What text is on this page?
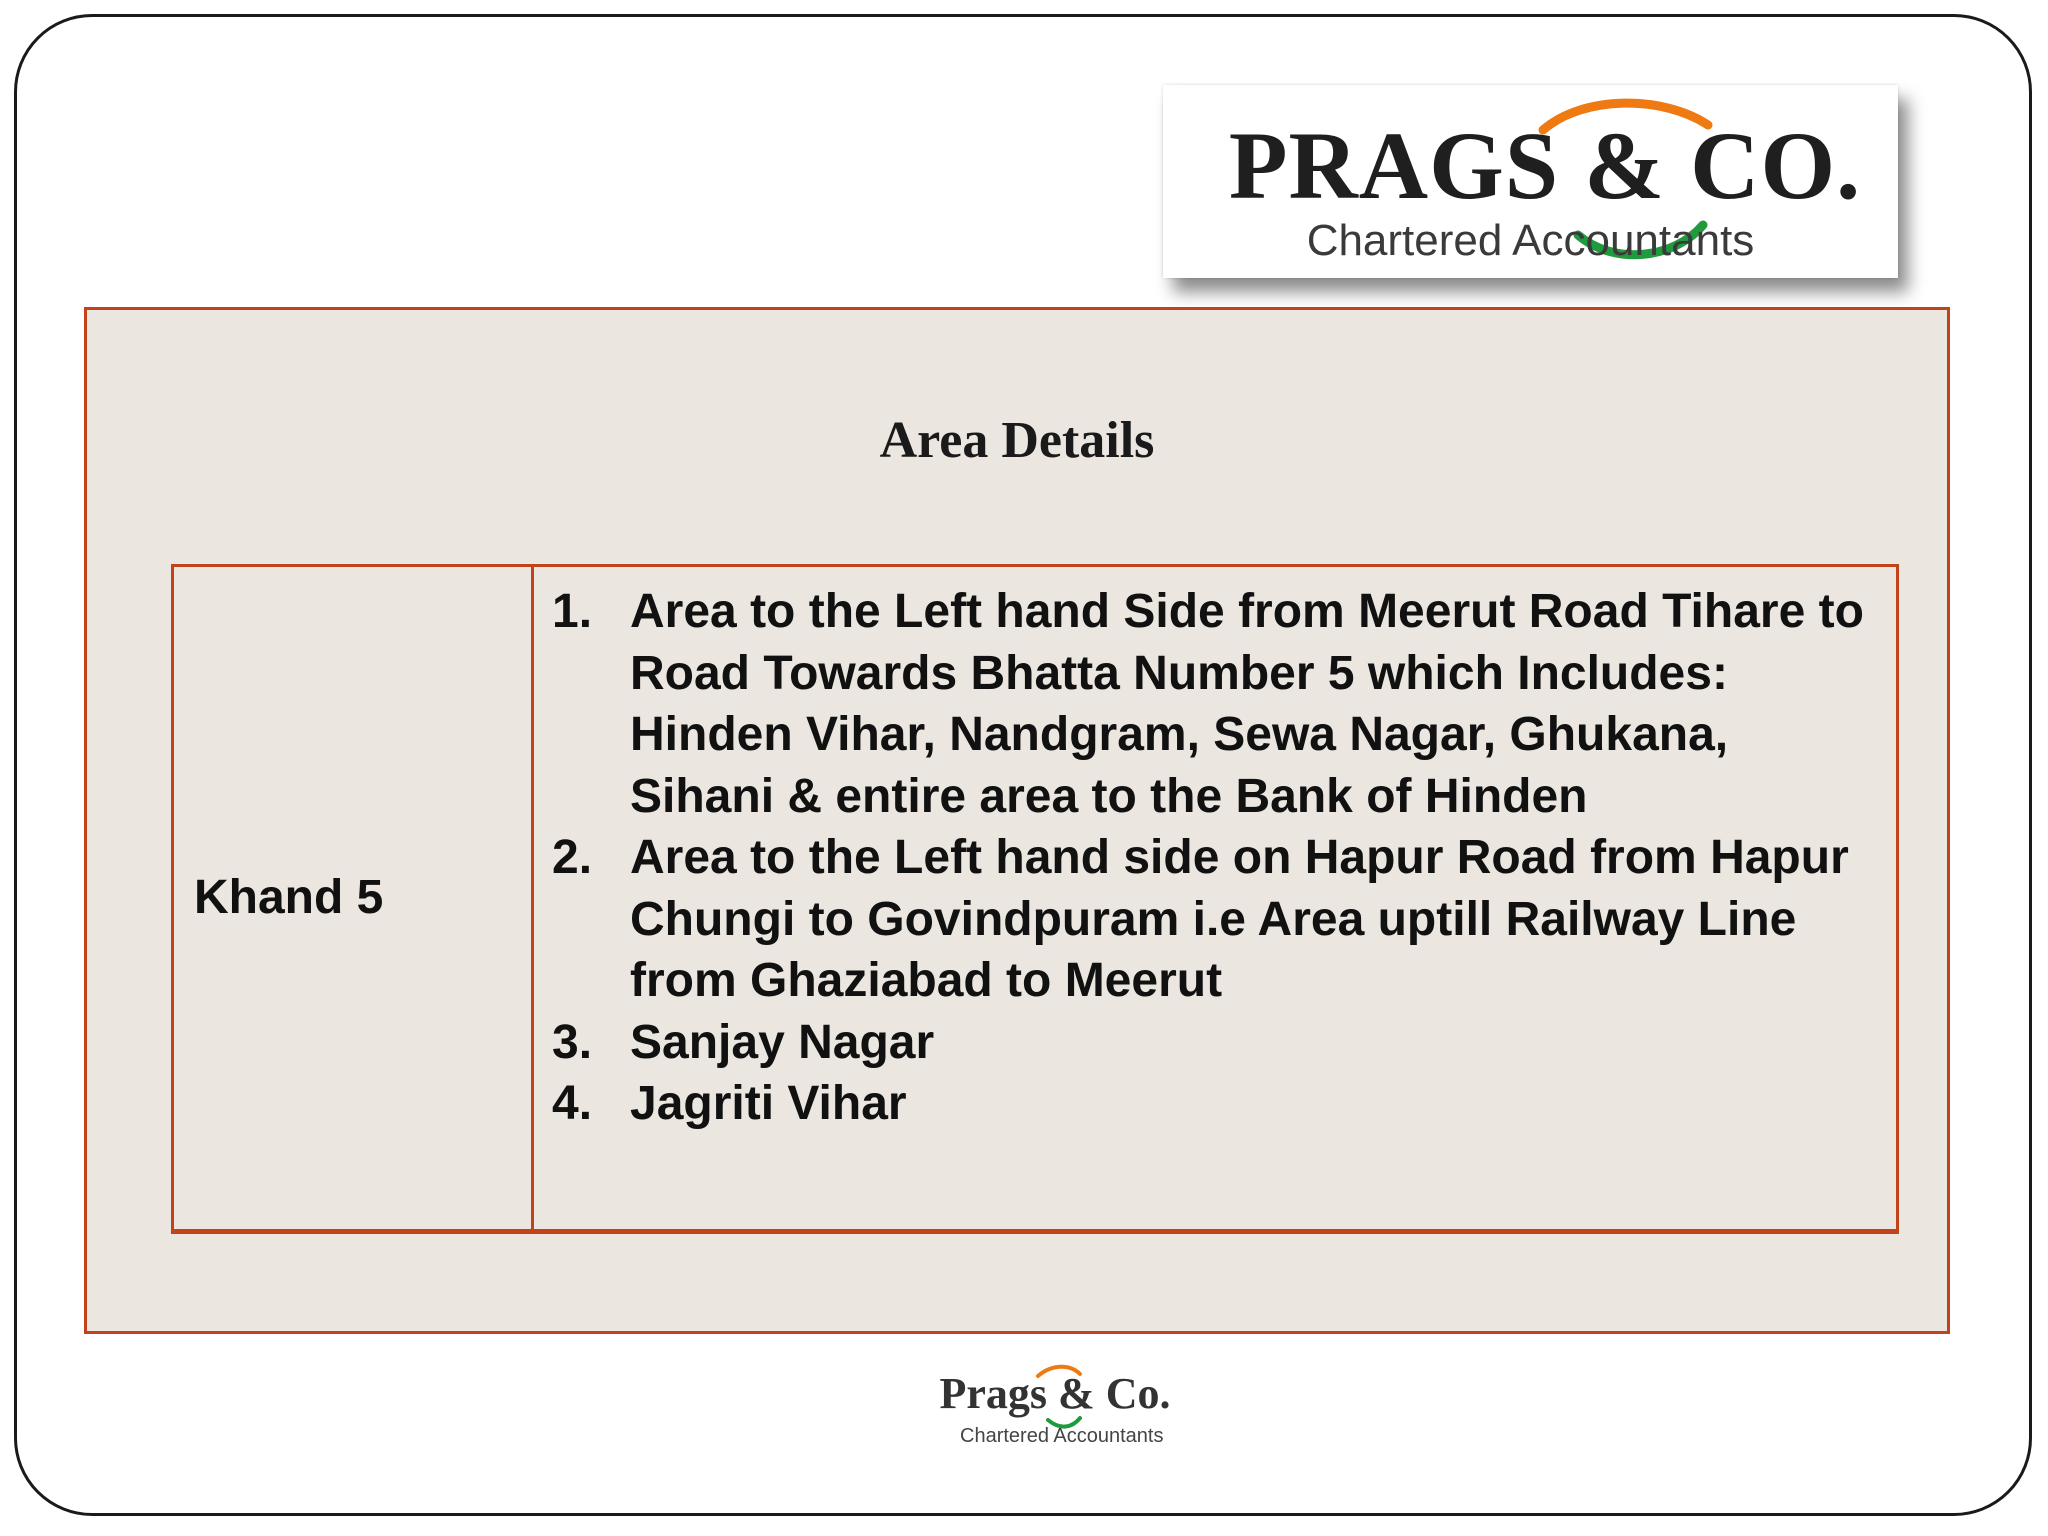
PRAGS & CO.
Chartered Accountants
Area Details
Khand 5
1. Area to the Left hand Side from Meerut Road Tihare to Road Towards Bhatta Number 5 which Includes: Hinden Vihar, Nandgram, Sewa Nagar, Ghukana, Sihani & entire area to the Bank of Hinden
2. Area to the Left hand side on Hapur Road from Hapur Chungi to Govindpuram i.e Area uptill Railway Line from Ghaziabad to Meerut
3. Sanjay Nagar
4. Jagriti Vihar
Prags & Co.
Chartered Accountants
